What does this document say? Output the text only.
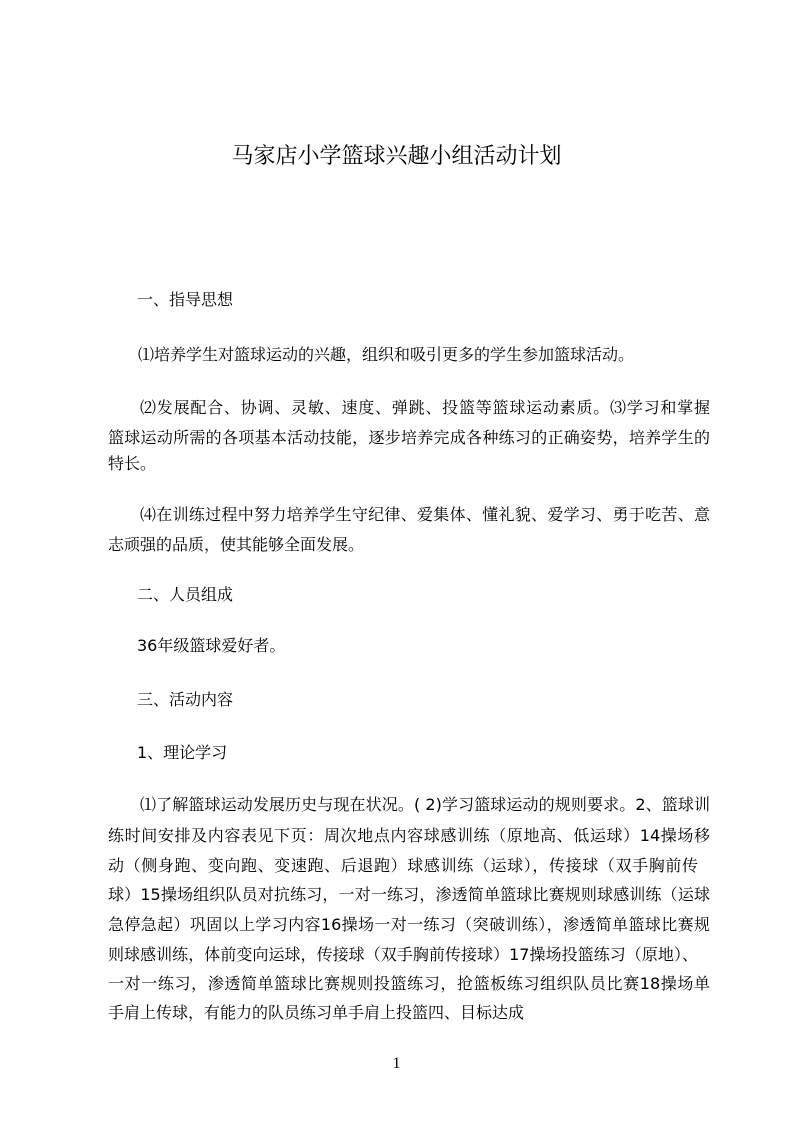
马家店小学篮球兴趣小组活动计划
一、指导思想
⑴培养学生对篮球运动的兴趣，组织和吸引更多的学生参加篮球活动。
⑵发展配合、协调、灵敏、速度、弹跳、投篮等篮球运动素质。⑶学习和掌握
篮球运动所需的各项基本活动技能，逐步培养完成各种练习的正确姿势，培养学生的
特长。
⑷在训练过程中努力培养学生守纪律、爱集体、懂礼貌、爱学习、勇于吃苦、意
志顽强的品质，使其能够全面发展。
二、人员组成
36年级篮球爱好者。
三、活动内容
1、理论学习
⑴了解篮球运动发展历史与现在状况。( 2)学习篮球运动的规则要求。2、篮球训
练时间安排及内容表见下页：周次地点内容球感训练（原地高、低运球）14操场移
动（侧身跑、变向跑、变速跑、后退跑）球感训练（运球），传接球（双手胸前传
球）15操场组织队员对抗练习，一对一练习，渗透简单篮球比赛规则球感训练（运球
急停急起）巩固以上学习内容16操场一对一练习（突破训练），渗透简单篮球比赛规
则球感训练，体前变向运球，传接球（双手胸前传接球）17操场投篮练习（原地）、
一对一练习，渗透简单篮球比赛规则投篮练习，抢篮板练习组织队员比赛18操场单
手肩上传球，有能力的队员练习单手肩上投篮四、目标达成
1
